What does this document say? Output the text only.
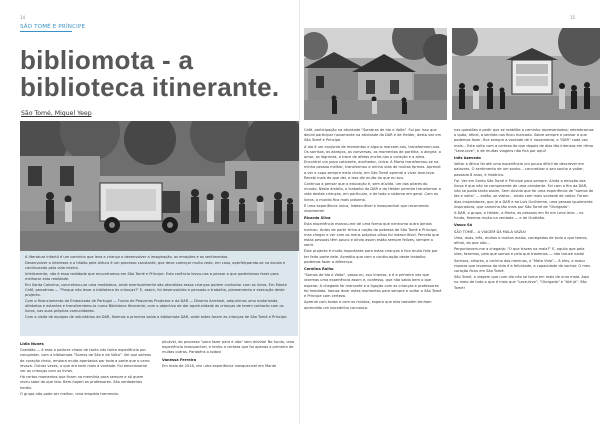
14
SÃO TOMÉ E PRÍNCIPE
bibliomota - a
biblioteca itinerante.
São Tomé, Miguel Yeep

A literatura infantil é um caminho que leva a criança a desenvolver a imaginação, as emoções e os sentimentos.

Desenvolver o interesse e o hábito pela leitura é um processo constante, que deve começar muito cedo, em casa, aperfeiçoando-se na escola e continuando pela vida inteira.

Infelizmente, não é essa realidade que encontramos em São Tomé e Príncipe. Esta carência levou-nos a pensar o que poderíamos fazer para melhorar esta realidade.

Em Santa Catarina, concretizou-se uma mediateca, onde eventualmente são atendidas essas crianças podem contactar com os livros. Em Monte Café, pensámos — "Porque não levar a biblioteca às crianças?" E, assim, foi desenvolvido e pensado o trabalho, planeamento e execução deste projecto.

Com o financiamento da Embaixada de Portugal — Fundo de Pequenos Projectos e da DAR — Dinamo Arreheal, adquirimos uma motorizada, alfabetos e estantes e transformámo-la numa Biblioteca Itinerante, com o objectivo de dar oportunidade às crianças de terem contacto com os livros, nas suas próprias comunidades.

Com a visita de equipas de voluntários da DAR, fizemos a primeira saída a bibliomota DAR, onde estes foram as crianças de São Tomé e Príncipe.

Lidia Nunes

Gratidão — é esta a palavra chave de tanto nós tanta experiência por conquistar, com a bibliomota "Somos de São e de Volta". Sei que saímos de coração cheio, embora muito apertados por toda a parte que o carro levava. Outras vezes, o que era bem mais à vontade. Foi emocionante ver as crianças com os livros.

Há certos momentos que ficam na memória para sempre e só quem viveu sabe do que falo. Bem-hajam os professores. São verdadeiros heróis.

O grupo não pode ser melhor, uma empatia tremenda.

plicável, do processo "para fazer para e não" sem dúvida! No fundo, uma experiência inesquecível, e tenho a certeza que foi apenas a primeira de muitas outras. Parabéns a todos!

Vanessa Ferreira

Em maio de 2018, vivi uma experiência inesquecível em Monte

15

Café, participação na atividade "Sombras de Ida e Volta". Foi por isso que decidi participar novamente na atividade da DAR e de Helder, desta vez em São Tomé e Príncipe.

A ida é um conjunto de momentos e alguns marcam-nos, transformam-nos. Os sorrisos, os abraços, as conversas, os momentos de partilha, a alegria, o amor, as lágrimas, a troca de afetos enche-nos o coração e a alma. Encontrei um povo cativante, acolhedor, único. A Marta transformou-se na minha pessoa melhor, transformou a minha vida de muitas formas. Aprendi a ver o copo sempre meio cheio, em São Tomé aprendi a viver leve-leve. Recebi mais do que dei, e isso diz muito do que eu sou.

Continuo a pensar que a educação é, sem dúvida, um dos pilares do mundo. Neste âmbito, o trabalho da DAR e do Helder permite transformar a vida destas crianças, em particular, e de todo o sistema em geral. Com os livros, o mundo fica mais próximo.

É uma experiência única, indescritível e inesquecível que recomendo vivamente!

Ricardo Silva

Esta experiência marcou-me de uma forma que nenhuma outra jamais marcou. Antes de partir tinha a noção da pobreza de São Tomé e Príncipe, mas chegar e ver com os meus próprios olhos foi indescritível. Percebi que estas pessoas têm pouco e ainda assim estão sempre felizes, sempre a sorrir.

Este projecto é muito importante para estas crianças e fico muito feliz por ter feito parte dele. Acredito que com a continuação deste trabalho podemos fazer a diferença.

Carolina Rolho

"Somos de Ida e Volta", posso eu, sou imenso, e é a primeira vez que vivemos uma experiência assim e, confesso, que não sabia bem o que esperar. A chegada foi marcante e a ligação com as crianças e professores foi imediata. Vamos levar estes momentos para sempre e voltar a São Tomé e Príncipe com certeza.

Aprendi com todos e com os miúdos, espero que eles também tenham aprendido um bocadinho connosco.

nas questões e pedir que se reabilite o caminho representados; relembramos o quão, afinal, o sentido nos ficou marcado. Sobre sempre e pensar o que podemos fazer, fica sempre a vontade de ir novamente, o "DAR" cada vez mais... Este volto com a certeza de que depois de dias tão intensos em ritmo "Leve-leve", e de muitas viagens não fica por aqui!

Inês Azevedo

Voltar a África foi até uma experiência um pouco difícil de descrever em palavras. O sentimento de um sonho... concretizar o seu sonho a voltar, passado 8 anos, é histórico.

Foi. Ver em Santo São Tomé e Príncipe para sempre. Ainda a emoção dos livros é que não se compreende de uma constante. Foi com o fim da DAR, não se podia tanto assim. Sem dúvida que foi uma experiência de "somos de Ida e volta" — então, se visitar... ainda com mais vontade de voltar. Foram dias inspiradores, que já a DAR e ao Luís Guilherme, uma pessoa igualmente inspiradora, que caminha tão mais por São Tomé de "Obrigado".

A DAR, o grupo, o Helder, a Marta, as pessoas em fiz em Leve-leve... no fundo, fizemos muito na verdade — e de Gratidão.

Vasco Sá

SÃO TOMÉ... A VIAGEM DA MALA VAZIA!

Uma, duas, três, muitas e muitas malas, carregadas de tudo o que temos, afinal, do que não...

Perguntavam-me a chegada: "O que trazes na mala?" E, aquilo que pela vida, fazemos, pelo que somos e pela que trazemos — não trouxe nada!

Sorrisos, olhares, o carinho dos meninos, o "Mata Vida"... A eles, a maior riqueza que levamos da vida é a felicidade, a capacidade de sonhar. O meu coração ficou em São Tomé.

São Tomé, a viagem que num dia não se torna em mais de uma mala. Aqui no meio de tudo o que é mais que "Leve-leve", "Obrigado" e "Até já". São Tomé!
